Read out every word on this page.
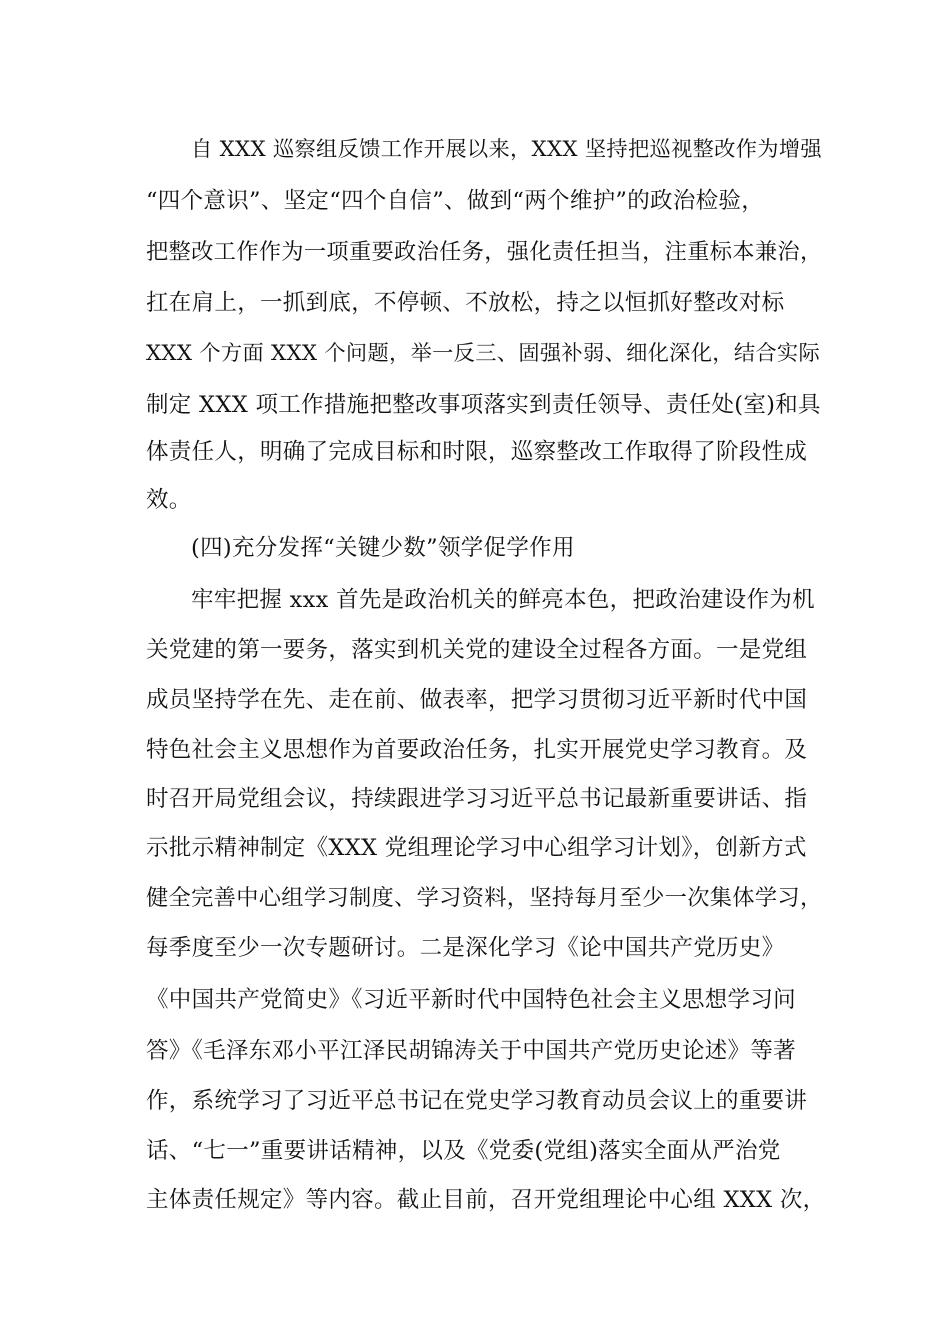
自 XXX 巡察组反馈工作开展以来，XXX 坚持把巡视整改作为增强
“四个意识”、坚定“四个自信”、做到“两个维护”的政治检验，
把整改工作作为一项重要政治任务，强化责任担当，注重标本兼治，
扛在肩上，一抓到底，不停顿、不放松，持之以恒抓好整改对标
XXX 个方面 XXX 个问题，举一反三、固强补弱、细化深化，结合实际
制定 XXX 项工作措施把整改事项落实到责任领导、责任处(室)和具
体责任人，明确了完成目标和时限，巡察整改工作取得了阶段性成
效。
(四)充分发挥“关键少数”领学促学作用
牢牢把握 xxx 首先是政治机关的鲜亮本色，把政治建设作为机
关党建的第一要务，落实到机关党的建设全过程各方面。一是党组
成员坚持学在先、走在前、做表率，把学习贯彻习近平新时代中国
特色社会主义思想作为首要政治任务，扎实开展党史学习教育。及
时召开局党组会议，持续跟进学习习近平总书记最新重要讲话、指
示批示精神制定《XXX 党组理论学习中心组学习计划》，创新方式
健全完善中心组学习制度、学习资料，坚持每月至少一次集体学习，
每季度至少一次专题研讨。二是深化学习《论中国共产党历史》
《中国共产党简史》《习近平新时代中国特色社会主义思想学习问
答》《毛泽东邓小平江泽民胡锦涛关于中国共产党历史论述》等著
作，系统学习了习近平总书记在党史学习教育动员会议上的重要讲
话、“七一”重要讲话精神，以及《党委(党组)落实全面从严治党
主体责任规定》等内容。截止目前，召开党组理论中心组 XXX 次，
